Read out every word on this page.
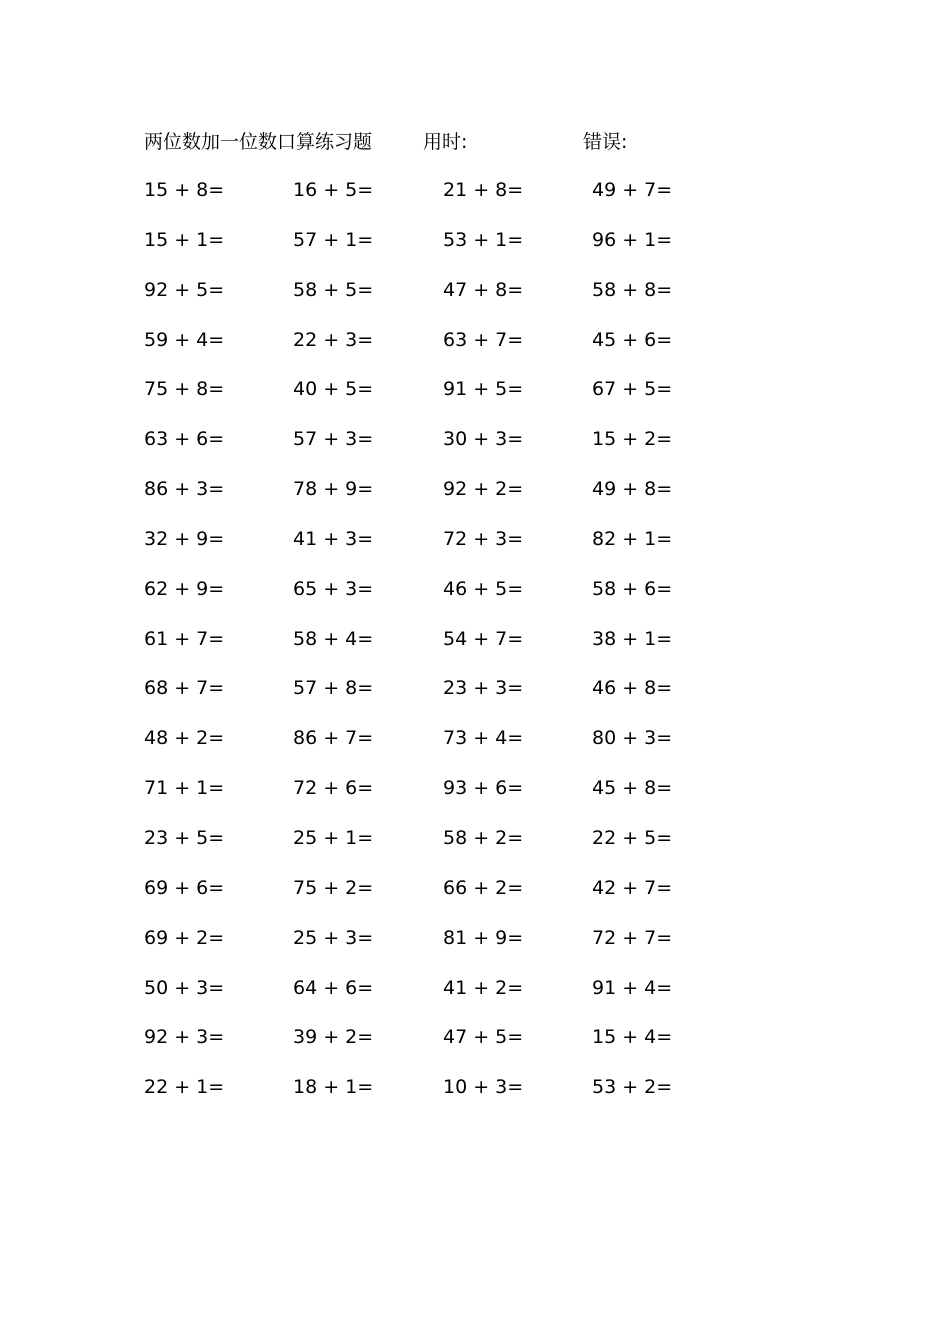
两位数加一位数口算练习题	用时:	错误:
15 + 8=	16 + 5=	21 + 8=	49 + 7=
15 + 1=	57 + 1=	53 + 1=	96 + 1=
92 + 5=	58 + 5=	47 + 8=	58 + 8=
59 + 4=	22 + 3=	63 + 7=	45 + 6=
75 + 8=	40 + 5=	91 + 5=	67 + 5=
63 + 6=	57 + 3=	30 + 3=	15 + 2=
86 + 3=	78 + 9=	92 + 2=	49 + 8=
32 + 9=	41 + 3=	72 + 3=	82 + 1=
62 + 9=	65 + 3=	46 + 5=	58 + 6=
61 + 7=	58 + 4=	54 + 7=	38 + 1=
68 + 7=	57 + 8=	23 + 3=	46 + 8=
48 + 2=	86 + 7=	73 + 4=	80 + 3=
71 + 1=	72 + 6=	93 + 6=	45 + 8=
23 + 5=	25 + 1=	58 + 2=	22 + 5=
69 + 6=	75 + 2=	66 + 2=	42 + 7=
69 + 2=	25 + 3=	81 + 9=	72 + 7=
50 + 3=	64 + 6=	41 + 2=	91 + 4=
92 + 3=	39 + 2=	47 + 5=	15 + 4=
22 + 1=	18 + 1=	10 + 3=	53 + 2=
